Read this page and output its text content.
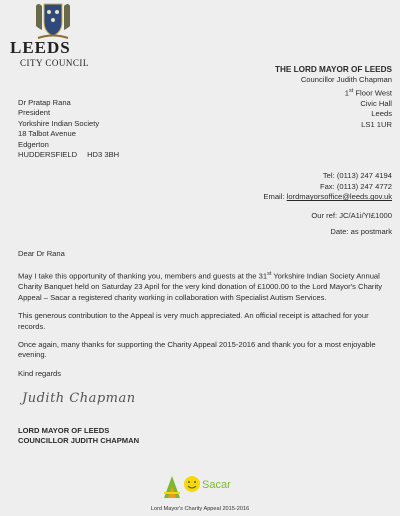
LEEDS
CITY COUNCIL
THE LORD MAYOR OF LEEDS
Councillor Judith Chapman
1st Floor West
Civic Hall
Leeds
LS1 1UR
Dr Pratap Rana
President
Yorkshire Indian Society
18 Talbot Avenue
Edgerton
HUDDERSFIELD HD3 3BH
Tel: (0113) 247 4194
Fax: (0113) 247 4772
Email: lordmayorsoffice@leeds.gov.uk
Our ref: JC/A1i/YI£1000
Date: as postmark

Dear Dr Rana

May I take this opportunity of thanking you, members and guests at the 31st Yorkshire Indian Society Annual Charity Banquet held on Saturday 23 April for the very kind donation of £1000.00 to the Lord Mayor's Charity Appeal – Sacar a registered charity working in collaboration with Specialist Autism Services.

This generous contribution to the Appeal is very much appreciated. An official receipt is attached for your records.

Once again, many thanks for supporting the Charity Appeal 2015-2016 and thank you for a most enjoyable evening.

Kind regards

Judith Chapman
LORD MAYOR OF LEEDS
COUNCILLOR JUDITH CHAPMAN
Sacar
Lord Mayor's Charity Appeal 2015-2016
